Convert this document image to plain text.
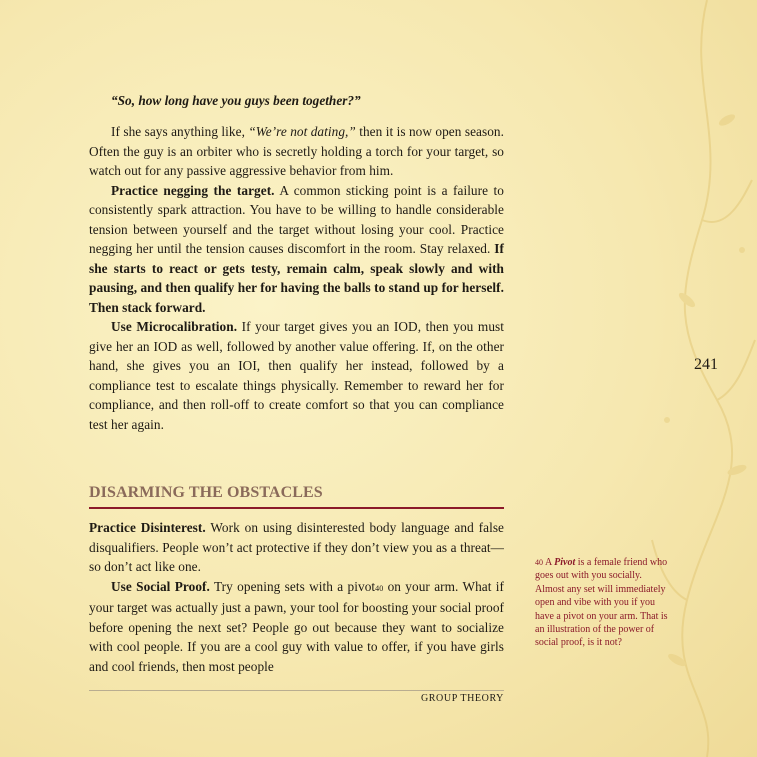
“So, how long have you guys been together?”

If she says anything like, “We’re not dating,” then it is now open season. Often the guy is an orbiter who is secretly holding a torch for your target, so watch out for any passive aggressive behavior from him.

Practice negging the target. A common sticking point is a failure to consistently spark attraction. You have to be willing to handle considerable tension between yourself and the target without losing your cool. Practice negging her until the tension causes discomfort in the room. Stay relaxed. If she starts to react or gets testy, remain calm, speak slowly and with pausing, and then qualify her for having the balls to stand up for herself. Then stack forward.

Use Microcalibration. If your target gives you an IOD, then you must give her an IOD as well, followed by another value offering. If, on the other hand, she gives you an IOI, then qualify her instead, followed by a compliance test to escalate things physically. Remember to reward her for compliance, and then roll-off to create comfort so that you can compliance test her again.

DISARMING THE OBSTACLES

Practice Disinterest. Work on using disinterested body language and false disqualifiers. People won’t act protective if they don’t view you as a threat—so don’t act like one.

Use Social Proof. Try opening sets with a pivot40 on your arm. What if your target was actually just a pawn, your tool for boosting your social proof before opening the next set? People go out because they want to socialize with cool people. If you are a cool guy with value to offer, if you have girls and cool friends, then most people

GROUP THEORY
241
40 A Pivot is a female friend who goes out with you socially. Almost any set will immediately open and vibe with you if you have a pivot on your arm. That is an illustration of the power of social proof, is it not?
